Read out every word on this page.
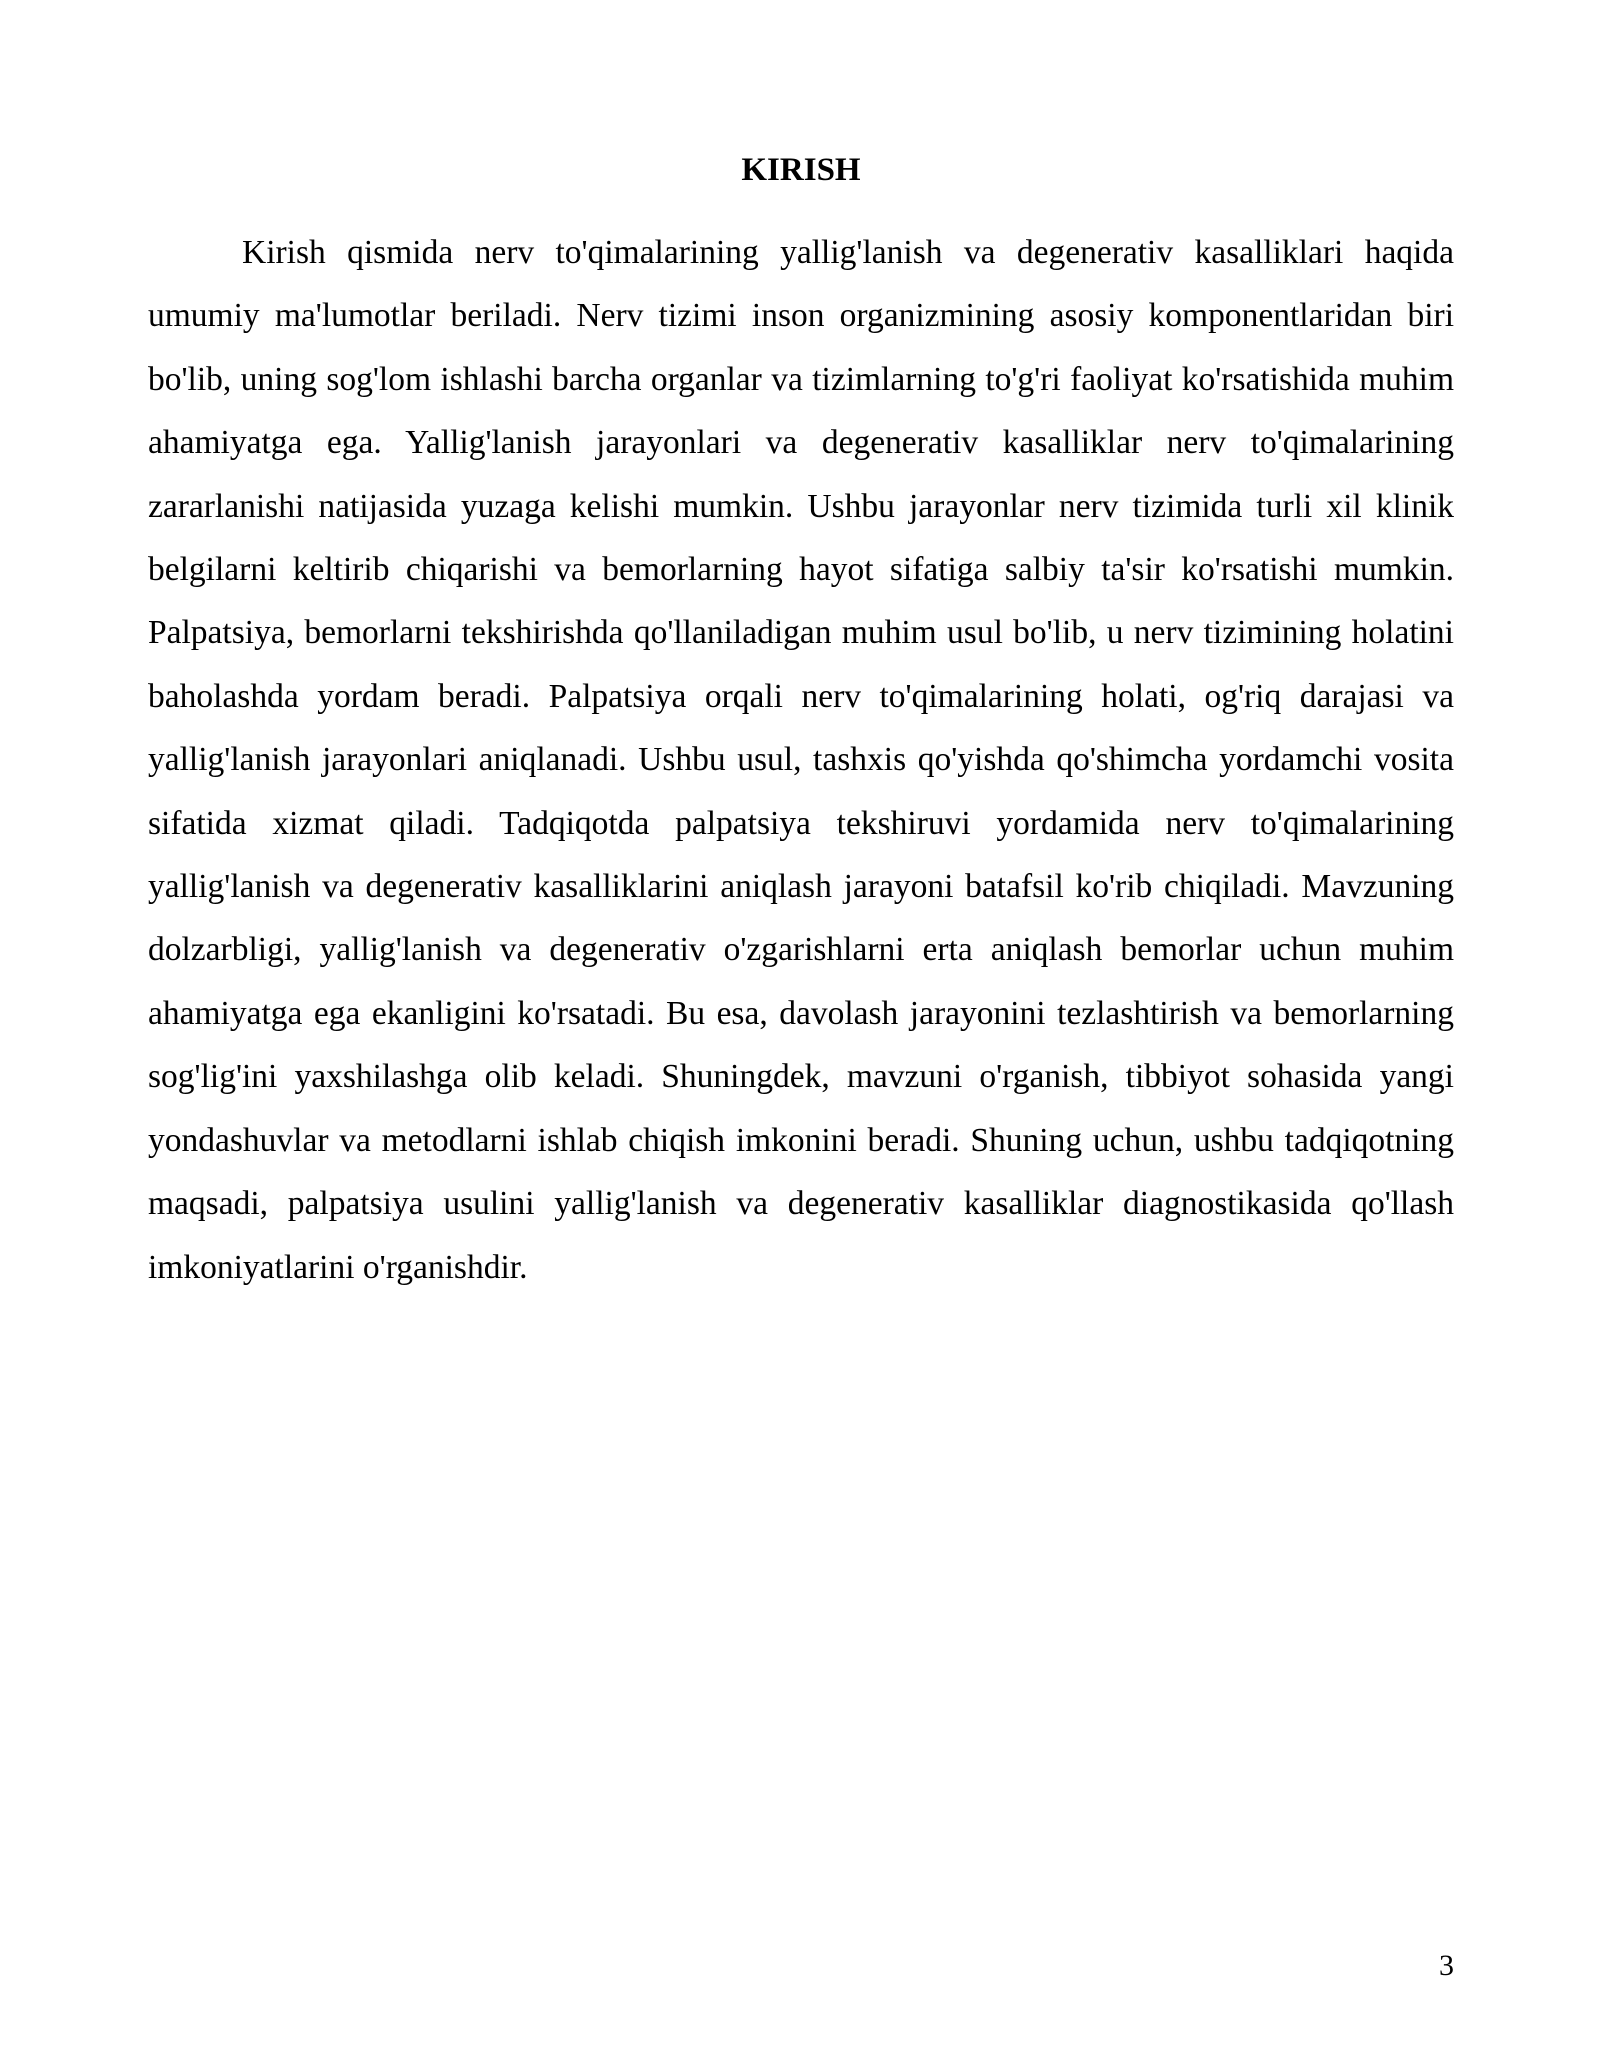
KIRISH

Kirish qismida nerv to'qimalarining yallig'lanish va degenerativ kasalliklari haqida umumiy ma'lumotlar beriladi. Nerv tizimi inson organizmining asosiy komponentlaridan biri bo'lib, uning sog'lom ishlashi barcha organlar va tizimlarning to'g'ri faoliyat ko'rsatishida muhim ahamiyatga ega. Yallig'lanish jarayonlari va degenerativ kasalliklar nerv to'qimalarining zararlanishi natijasida yuzaga kelishi mumkin. Ushbu jarayonlar nerv tizimida turli xil klinik belgilarni keltirib chiqarishi va bemorlarning hayot sifatiga salbiy ta'sir ko'rsatishi mumkin. Palpatsiya, bemorlarni tekshirishda qo'llaniladigan muhim usul bo'lib, u nerv tizimining holatini baholashda yordam beradi. Palpatsiya orqali nerv to'qimalarining holati, og'riq darajasi va yallig'lanish jarayonlari aniqlanadi. Ushbu usul, tashxis qo'yishda qo'shimcha yordamchi vosita sifatida xizmat qiladi. Tadqiqotda palpatsiya tekshiruvi yordamida nerv to'qimalarining yallig'lanish va degenerativ kasalliklarini aniqlash jarayoni batafsil ko'rib chiqiladi. Mavzuning dolzarbligi, yallig'lanish va degenerativ o'zgarishlarni erta aniqlash bemorlar uchun muhim ahamiyatga ega ekanligini ko'rsatadi. Bu esa, davolash jarayonini tezlashtirish va bemorlarning sog'lig'ini yaxshilashga olib keladi. Shuningdek, mavzuni o'rganish, tibbiyot sohasida yangi yondashuvlar va metodlarni ishlab chiqish imkonini beradi. Shuning uchun, ushbu tadqiqotning maqsadi, palpatsiya usulini yallig'lanish va degenerativ kasalliklar diagnostikasida qo'llash imkoniyatlarini o'rganishdir.

3
